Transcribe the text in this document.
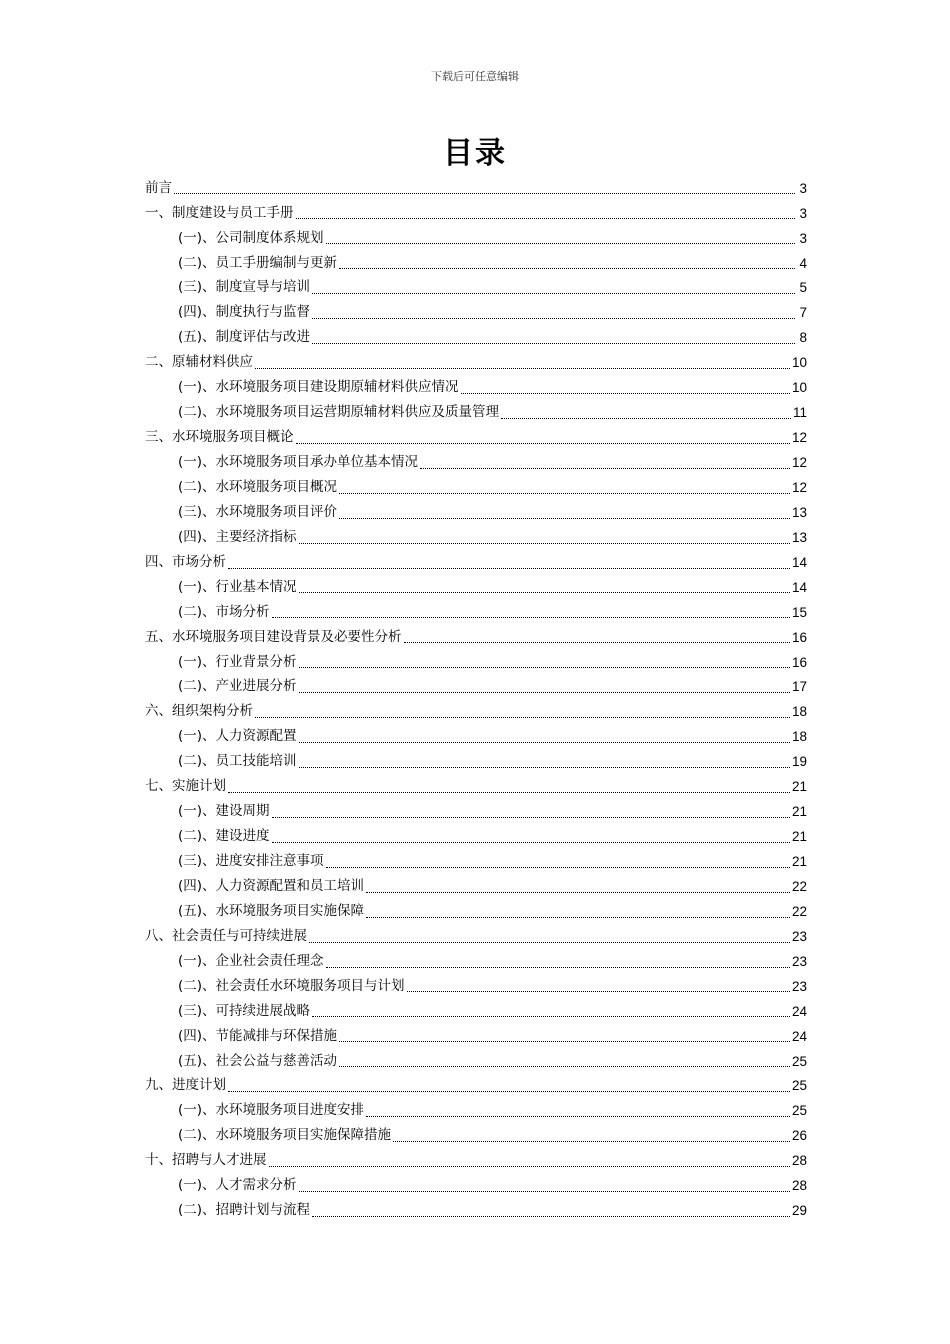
下载后可任意编辑
目录
前言	3
一、制度建设与员工手册	3
(一)、公司制度体系规划	3
(二)、员工手册编制与更新	4
(三)、制度宣导与培训	5
(四)、制度执行与监督	7
(五)、制度评估与改进	8
二、原辅材料供应	10
(一)、水环境服务项目建设期原辅材料供应情况	10
(二)、水环境服务项目运营期原辅材料供应及质量管理	11
三、水环境服务项目概论	12
(一)、水环境服务项目承办单位基本情况	12
(二)、水环境服务项目概况	12
(三)、水环境服务项目评价	13
(四)、主要经济指标	13
四、市场分析	14
(一)、行业基本情况	14
(二)、市场分析	15
五、水环境服务项目建设背景及必要性分析	16
(一)、行业背景分析	16
(二)、产业进展分析	17
六、组织架构分析	18
(一)、人力资源配置	18
(二)、员工技能培训	19
七、实施计划	21
(一)、建设周期	21
(二)、建设进度	21
(三)、进度安排注意事项	21
(四)、人力资源配置和员工培训	22
(五)、水环境服务项目实施保障	22
八、社会责任与可持续进展	23
(一)、企业社会责任理念	23
(二)、社会责任水环境服务项目与计划	23
(三)、可持续进展战略	24
(四)、节能减排与环保措施	24
(五)、社会公益与慈善活动	25
九、进度计划	25
(一)、水环境服务项目进度安排	25
(二)、水环境服务项目实施保障措施	26
十、招聘与人才进展	28
(一)、人才需求分析	28
(二)、招聘计划与流程	29
